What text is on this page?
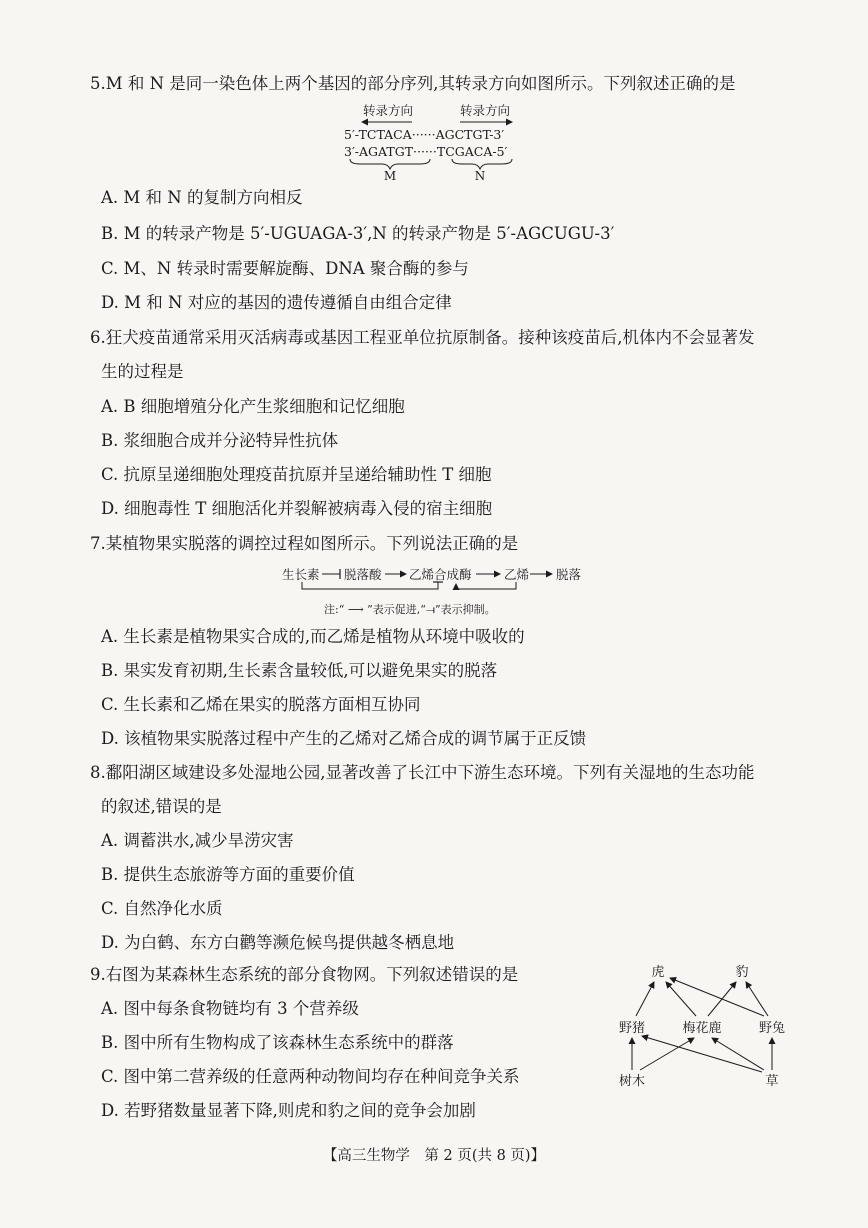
5.M 和 N 是同一染色体上两个基因的部分序列,其转录方向如图所示。下列叙述正确的是
转录方向	转录方向
5′-TCTACA······AGCTGT-3′
3′-AGATGT······TCGACA-5′
M	N
A. M 和 N 的复制方向相反
B. M 的转录产物是 5′-UGUAGA-3′,N 的转录产物是 5′-AGCUGU-3′
C. M、N 转录时需要解旋酶、DNA 聚合酶的参与
D. M 和 N 对应的基因的遗传遵循自由组合定律
6.狂犬疫苗通常采用灭活病毒或基因工程亚单位抗原制备。接种该疫苗后,机体内不会显著发
生的过程是
A. B 细胞增殖分化产生浆细胞和记忆细胞
B. 浆细胞合成并分泌特异性抗体
C. 抗原呈递细胞处理疫苗抗原并呈递给辅助性 T 细胞
D. 细胞毒性 T 细胞活化并裂解被病毒入侵的宿主细胞
7.某植物果实脱落的调控过程如图所示。下列说法正确的是
生长素 脱落酸 乙烯合成酶	乙烯 脱落
注:“ ⟶ ”表示促进,“⟞”表示抑制。
A. 生长素是植物果实合成的,而乙烯是植物从环境中吸收的
B. 果实发育初期,生长素含量较低,可以避免果实的脱落
C. 生长素和乙烯在果实的脱落方面相互协同
D. 该植物果实脱落过程中产生的乙烯对乙烯合成的调节属于正反馈
8.鄱阳湖区域建设多处湿地公园,显著改善了长江中下游生态环境。下列有关湿地的生态功能
的叙述,错误的是
A. 调蓄洪水,减少旱涝灾害
B. 提供生态旅游等方面的重要价值
C. 自然净化水质
D. 为白鹤、东方白鹳等濒危候鸟提供越冬栖息地
9.右图为某森林生态系统的部分食物网。下列叙述错误的是
A. 图中每条食物链均有 3 个营养级
B. 图中所有生物构成了该森林生态系统中的群落
C. 图中第二营养级的任意两种动物间均存在种间竞争关系
D. 若野猪数量显著下降,则虎和豹之间的竞争会加剧
虎	豹
野猪	梅花鹿	野兔
树木	草
【高三生物学　第 2 页(共 8 页)】
